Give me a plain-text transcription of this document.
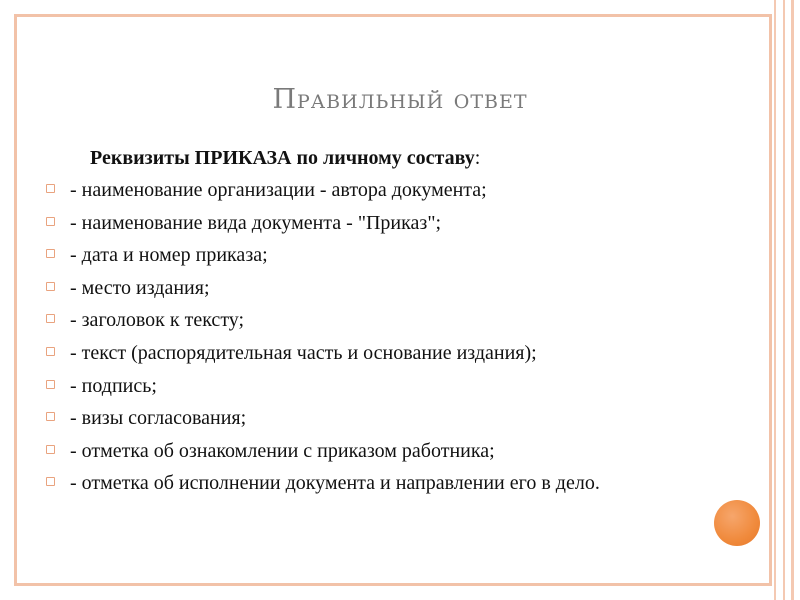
Правильный ответ
Реквизиты ПРИКАЗА по личному составу:
- наименование организации - автора документа;
- наименование вида документа - "Приказ";
- дата и номер приказа;
- место издания;
- заголовок к тексту;
- текст (распорядительная часть и основание издания);
- подпись;
- визы согласования;
- отметка об ознакомлении с приказом работника;
- отметка об исполнении документа и направлении его в дело.
